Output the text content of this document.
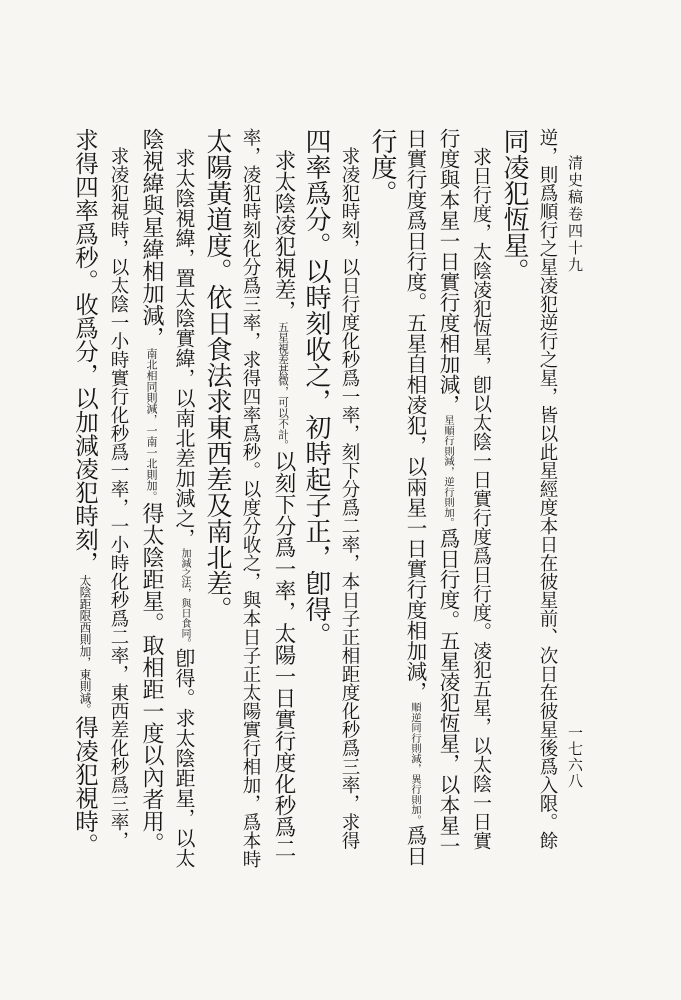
清史稿卷四十九
一七六八
逆，則爲順行之星凌犯逆行之星，皆以此星經度本日在彼星前、次日在彼星後爲入限。餘
同凌犯恆星。
　求日行度，太陰凌犯恆星，卽以太陰一日實行度爲日行度。凌犯五星，以太陰一日實
行度與本星一日實行度相加減，星順行則減，逆行則加。爲日行度。五星凌犯恆星，以本星一
日實行度爲日行度。五星自相凌犯，以兩星一日實行度相加減，順逆同行則減，異行則加。爲日
行度。
　求凌犯時刻，以日行度化秒爲一率，刻下分爲二率，本日子正相距度化秒爲三率，求得
四率爲分。以時刻收之，初時起子正，卽得。
　求太陰凌犯視差，五星視差甚微，可以不計。以刻下分爲一率，太陽一日實行度化秒爲二
率，凌犯時刻化分爲三率，求得四率爲秒。以度分收之，與本日子正太陽實行相加，爲本時
太陽黃道度。依日食法求東西差及南北差。
　求太陰視緯，置太陰實緯，以南北差加減之，加減之法，與日食同。卽得。求太陰距星，以太
陰視緯與星緯相加減，南北相同則減，一南一北則加。得太陰距星。取相距一度以內者用。
　求凌犯視時，以太陰一小時實行化秒爲一率，一小時化秒爲二率，東西差化秒爲三率，
求得四率爲秒。收爲分，以加減凌犯時刻，太陰距限西則加，東則減。得凌犯視時。
